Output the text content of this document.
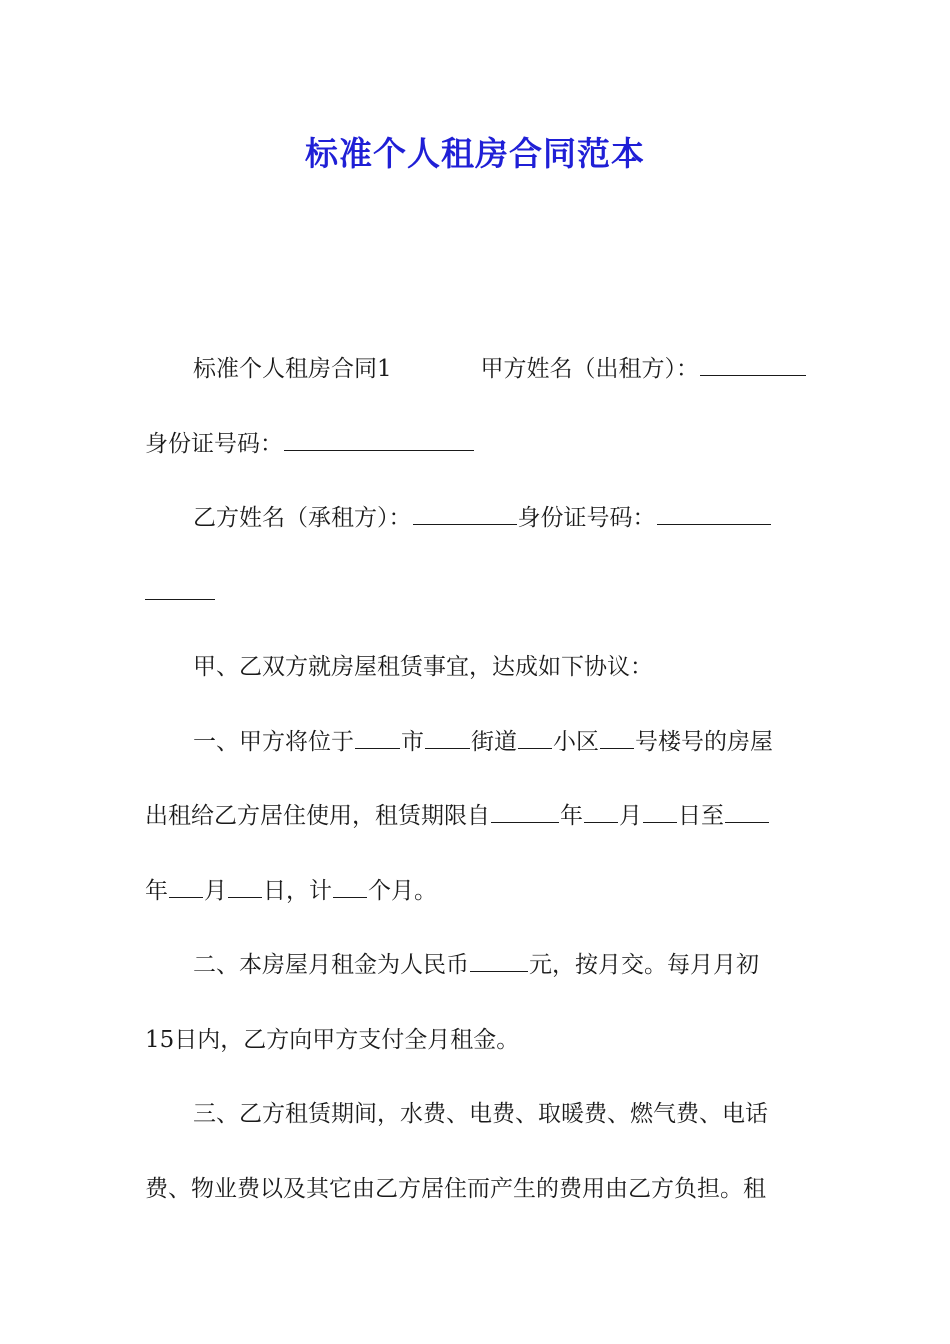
标准个人租房合同范本
标准个人租房合同1	甲方姓名（出租方）：
身份证号码：
乙方姓名（承租方）：	身份证号码：
甲、乙双方就房屋租赁事宜，达成如下协议：
一、甲方将位于 市 街道 小区 号楼号的房屋
出租给乙方居住使用，租赁期限自	年 月 日至
年 月 日，计 个月。
二、本房屋月租金为人民币	元，按月交。每月月初
15日内，乙方向甲方支付全月租金。
三、乙方租赁期间，水费、电费、取暖费、燃气费、电话
费、物业费以及其它由乙方居住而产生的费用由乙方负担。租
